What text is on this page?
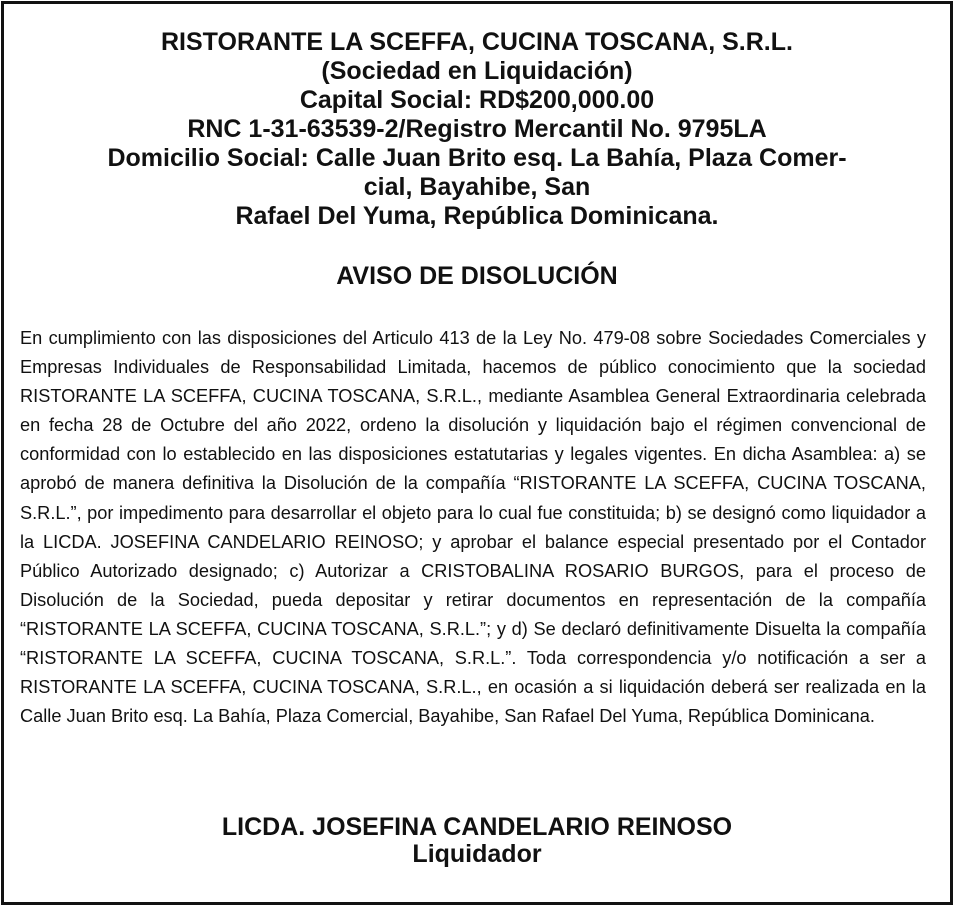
RISTORANTE LA SCEFFA, CUCINA TOSCANA, S.R.L.
(Sociedad en Liquidación)
Capital Social: RD$200,000.00
RNC 1-31-63539-2/Registro Mercantil No. 9795LA
Domicilio Social: Calle Juan Brito esq. La Bahía, Plaza Comer-
cial, Bayahibe, San
Rafael Del Yuma, República Dominicana.
AVISO DE DISOLUCIÓN

En cumplimiento con las disposiciones del Articulo 413 de la Ley No. 479-08 sobre Sociedades Comerciales y Empresas Individuales de Responsabilidad Limitada, hacemos de público conocimiento que la sociedad RISTORANTE LA SCEFFA, CUCINA TOSCANA, S.R.L., mediante Asamblea General Extraordinaria celebrada en fecha 28 de Octubre del año 2022, ordeno la disolución y liquidación bajo el régimen convencional de conformidad con lo establecido en las disposiciones estatutarias y legales vigentes. En dicha Asamblea: a) se aprobó de manera definitiva la Disolución de la compañía “RISTORANTE LA SCEFFA, CUCINA TOSCANA, S.R.L.”, por impedimento para desarrollar el objeto para lo cual fue constituida; b) se designó como liquidador a la LICDA. JOSEFINA CANDELARIO REINOSO; y aprobar el balance especial presentado por el Contador Público Autorizado designado; c) Autorizar a CRISTOBALINA ROSARIO BURGOS, para el proceso de Disolución de la Sociedad, pueda depositar y retirar documentos en representación de la compañía “RISTORANTE LA SCEFFA, CUCINA TOSCANA, S.R.L.”; y d) Se declaró definitivamente Disuelta la compañía “RISTORANTE LA SCEFFA, CUCINA TOSCANA, S.R.L.”. Toda correspondencia y/o notificación a ser a RISTORANTE LA SCEFFA, CUCINA TOSCANA, S.R.L., en ocasión a si liquidación deberá ser realizada en la Calle Juan Brito esq. La Bahía, Plaza Comercial, Bayahibe, San Rafael Del Yuma, República Dominicana.

LICDA. JOSEFINA CANDELARIO REINOSO
Liquidador
